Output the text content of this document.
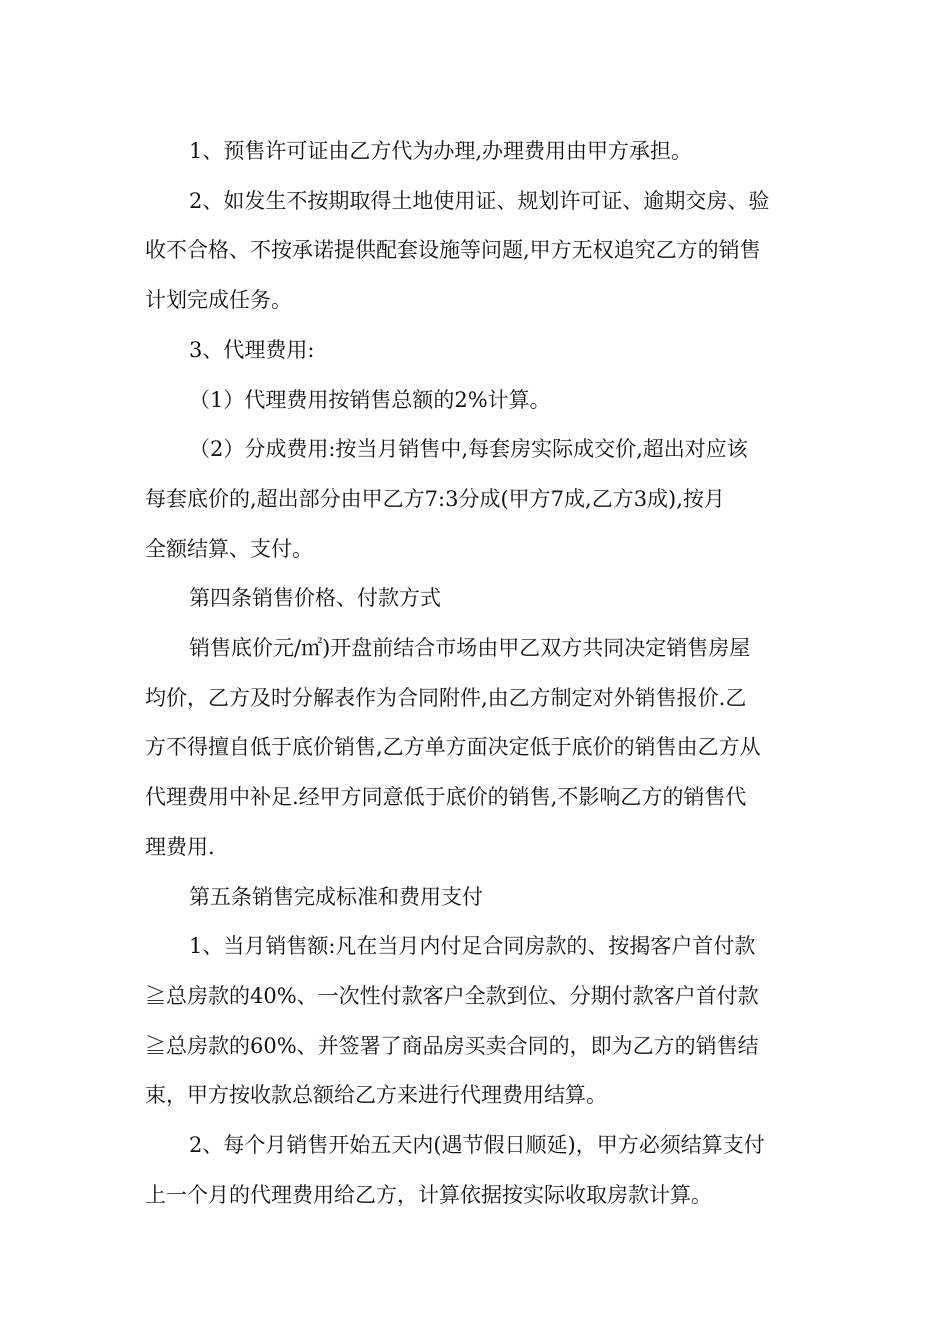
1、预售许可证由乙方代为办理,办理费用由甲方承担。
2、如发生不按期取得土地使用证、规划许可证、逾期交房、验
收不合格、不按承诺提供配套设施等问题,甲方无权追究乙方的销售
计划完成任务。
3、代理费用:
（1）代理费用按销售总额的2%计算。
（2）分成费用:按当月销售中,每套房实际成交价,超出对应该
每套底价的,超出部分由甲乙方7:3分成(甲方7成,乙方3成),按月
全额结算、支付。
第四条销售价格、付款方式
销售底价元/㎡)开盘前结合市场由甲乙双方共同决定销售房屋
均价，乙方及时分解表作为合同附件,由乙方制定对外销售报价.乙
方不得擅自低于底价销售,乙方单方面决定低于底价的销售由乙方从
代理费用中补足.经甲方同意低于底价的销售,不影响乙方的销售代
理费用.
第五条销售完成标准和费用支付
1、当月销售额:凡在当月内付足合同房款的、按揭客户首付款
≧总房款的40%、一次性付款客户全款到位、分期付款客户首付款
≧总房款的60%、并签署了商品房买卖合同的，即为乙方的销售结
束，甲方按收款总额给乙方来进行代理费用结算。
2、每个月销售开始五天内(遇节假日顺延)，甲方必须结算支付
上一个月的代理费用给乙方，计算依据按实际收取房款计算。
